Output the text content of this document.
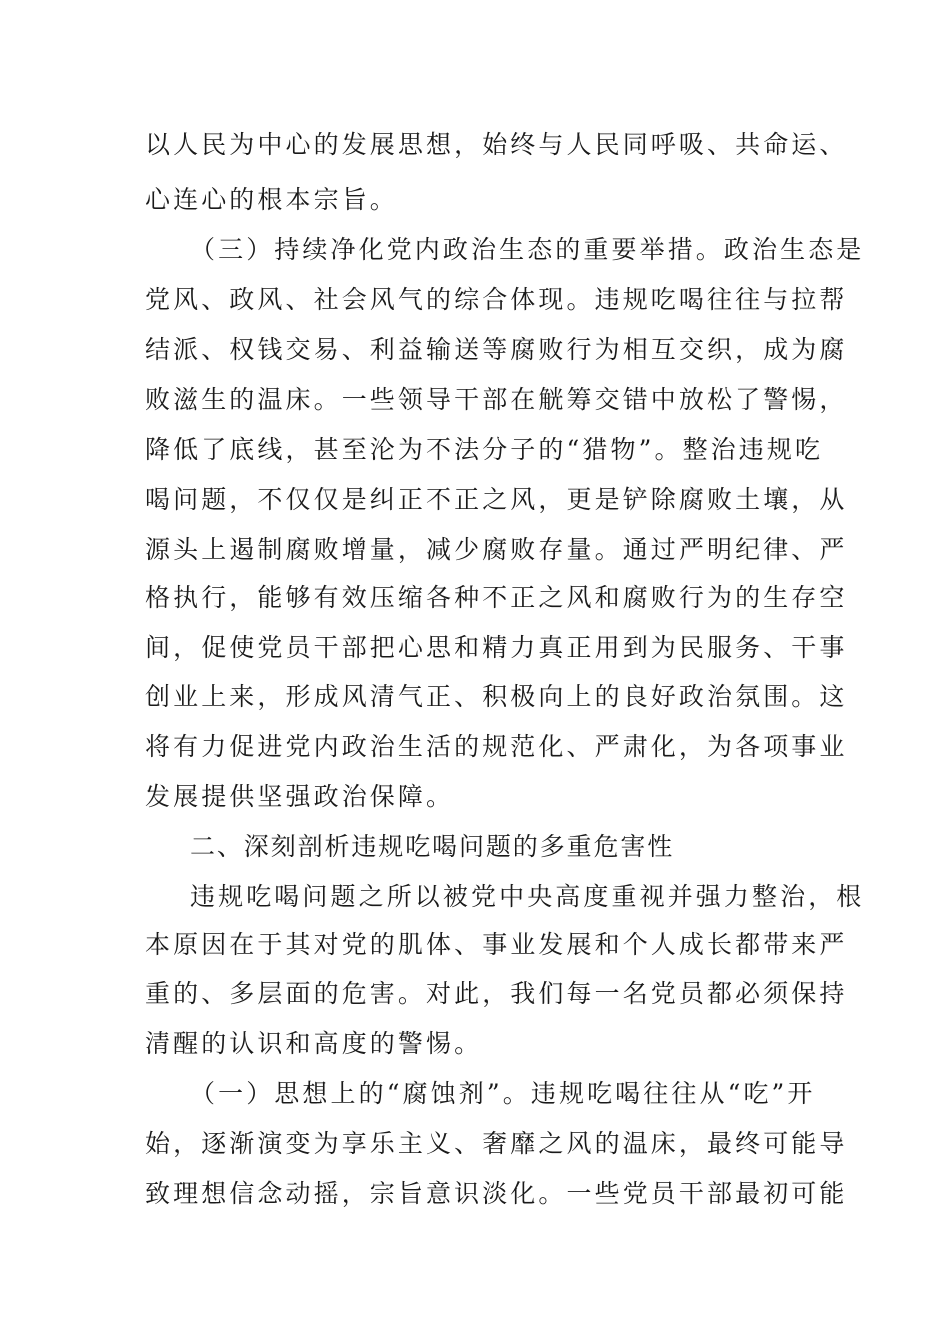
以人民为中心的发展思想，始终与人民同呼吸、共命运、
心连心的根本宗旨。
（三）持续净化党内政治生态的重要举措。政治生态是
党风、政风、社会风气的综合体现。违规吃喝往往与拉帮
结派、权钱交易、利益输送等腐败行为相互交织，成为腐
败滋生的温床。一些领导干部在觥筹交错中放松了警惕，
降低了底线，甚至沦为不法分子的“猎物”。整治违规吃
喝问题，不仅仅是纠正不正之风，更是铲除腐败土壤，从
源头上遏制腐败增量，减少腐败存量。通过严明纪律、严
格执行，能够有效压缩各种不正之风和腐败行为的生存空
间，促使党员干部把心思和精力真正用到为民服务、干事
创业上来，形成风清气正、积极向上的良好政治氛围。这
将有力促进党内政治生活的规范化、严肃化，为各项事业
发展提供坚强政治保障。
二、深刻剖析违规吃喝问题的多重危害性
违规吃喝问题之所以被党中央高度重视并强力整治，根
本原因在于其对党的肌体、事业发展和个人成长都带来严
重的、多层面的危害。对此，我们每一名党员都必须保持
清醒的认识和高度的警惕。
（一）思想上的“腐蚀剂”。违规吃喝往往从“吃”开
始，逐渐演变为享乐主义、奢靡之风的温床，最终可能导
致理想信念动摇，宗旨意识淡化。一些党员干部最初可能
